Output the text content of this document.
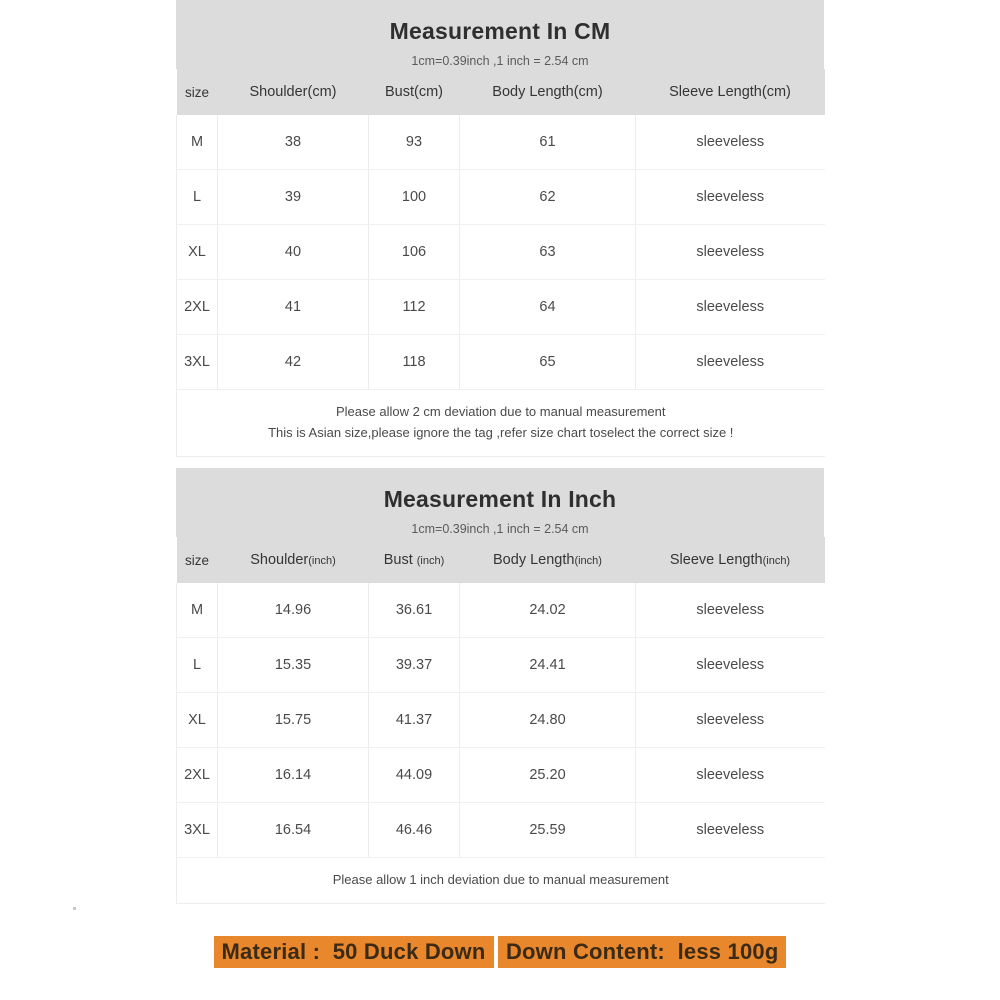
Measurement In CM
1cm=0.39inch ,1 inch = 2.54 cm
size	Shoulder(cm)	Bust(cm)	Body Length(cm)	Sleeve Length(cm)
M	38	93	61	sleeveless
L	39	100	62	sleeveless
XL	40	106	63	sleeveless
2XL	41	112	64	sleeveless
3XL	42	118	65	sleeveless

Please allow 2 cm deviation due to manual measurement
This is Asian size,please ignore the tag ,refer size chart toselect the correct size !				
Measurement In Inch
1cm=0.39inch ,1 inch = 2.54 cm
size	Shoulder(inch)	Bust (inch)	Body Length(inch)	Sleeve Length(inch)
M	14.96	36.61	24.02	sleeveless
L	15.35	39.37	24.41	sleeveless
XL	15.75	41.37	24.80	sleeveless
2XL	16.14	44.09	25.20	sleeveless
3XL	16.54	46.46	25.59	sleeveless

Please allow 1 inch deviation due to manual measurement				
Material :  50 Duck Down Down Content:  less 100g
